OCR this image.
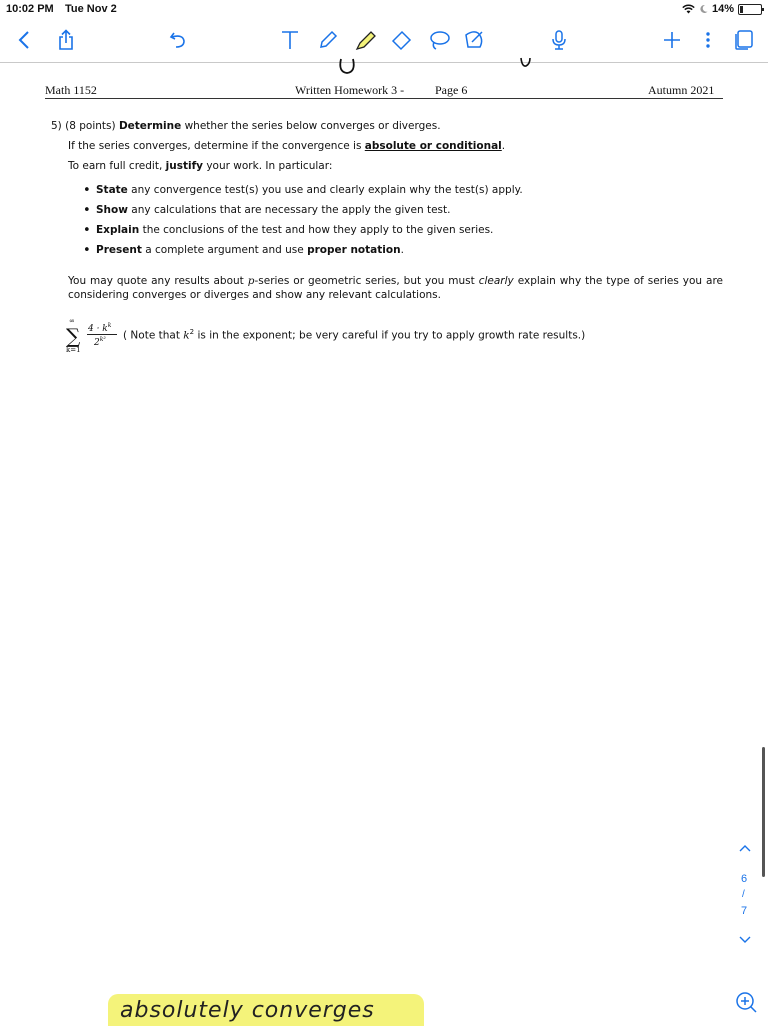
10:02 PM Tue Nov 2	14%
Math 1152	Written Homework 3 -	Page 6	Autumn 2021
5) (8 points) Determine whether the series below converges or diverges.
If the series converges, determine if the convergence is absolute or conditional.
To earn full credit, justify your work. In particular:
• State any convergence test(s) you use and clearly explain why the test(s) apply.
• Show any calculations that are necessary the apply the given test.
• Explain the conclusions of the test and how they apply to the given series.
• Present a complete argument and use proper notation.
You may quote any results about p-series or geometric series, but you must clearly explain why the type of series you are considering converges or diverges and show any relevant calculations.
∞
∑
k=1
$4 \cdot k^k$
$2^{k^2}$ ( Note that $k^2$ is in the exponent; be very careful if you try to apply growth rate results.)
6
/
7
absolutely converges
